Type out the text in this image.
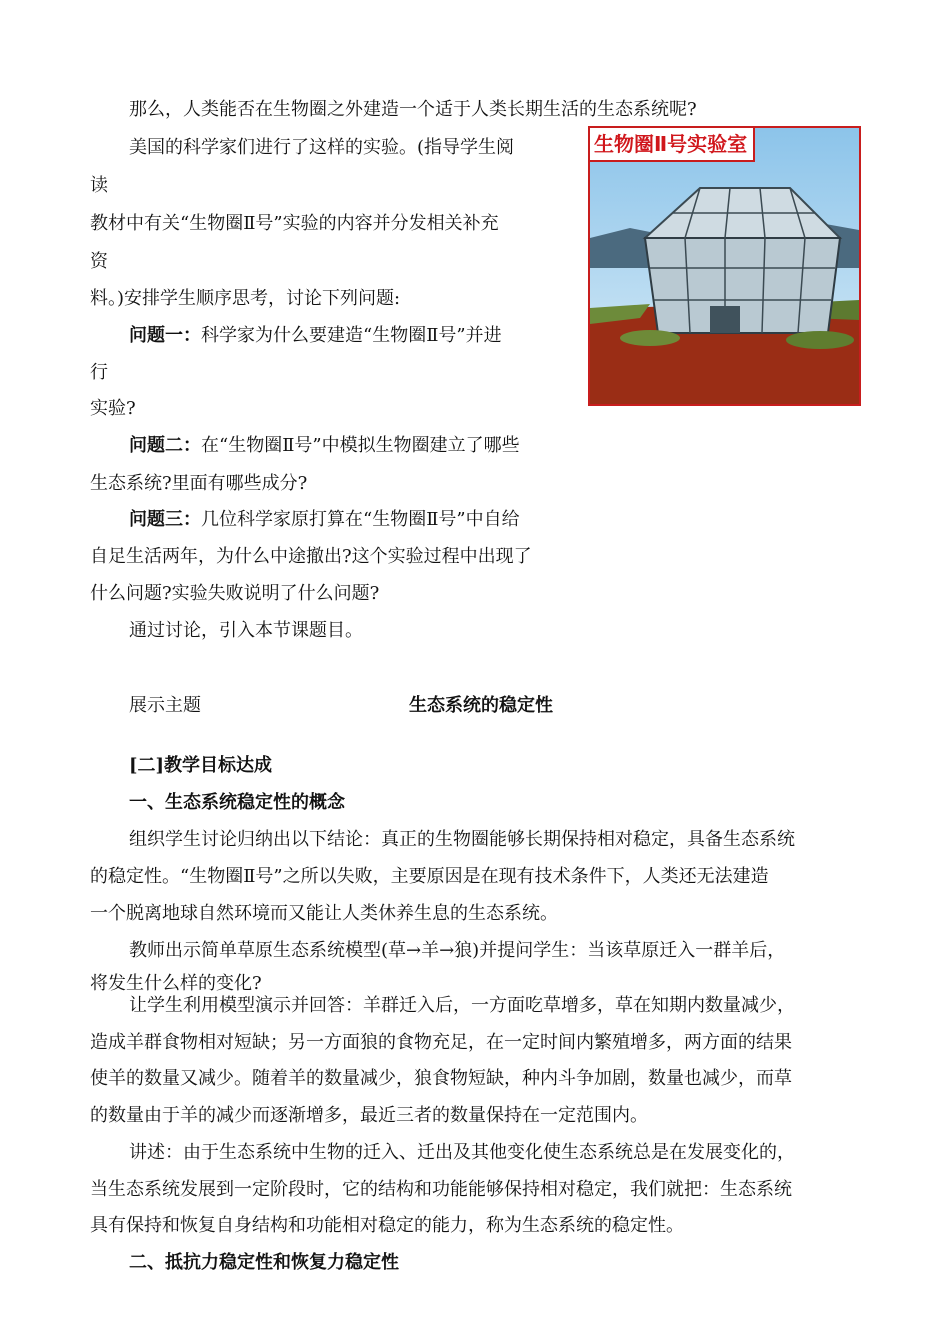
那么，人类能否在生物圈之外建造一个适于人类长期生活的生态系统呢?
美国的科学家们进行了这样的实验。(指导学生阅
读
教材中有关“生物圈Ⅱ号”实验的内容并分发相关补充
资
料。)安排学生顺序思考，讨论下列问题:
问题一：科学家为什么要建造“生物圈Ⅱ号”并进
行
实验?
问题二：在“生物圈Ⅱ号”中模拟生物圈建立了哪些
生态系统?里面有哪些成分?
问题三：几位科学家原打算在“生物圈Ⅱ号”中自给
自足生活两年，为什么中途撤出?这个实验过程中出现了
什么问题?实验失败说明了什么问题?
通过讨论，引入本节课题目。
生物圈Ⅱ号实验室
展示主题	生态系统的稳定性
[二]教学目标达成
一、生态系统稳定性的概念
组织学生讨论归纳出以下结论：真正的生物圈能够长期保持相对稳定，具备生态系统
的稳定性。“生物圈Ⅱ号”之所以失败，主要原因是在现有技术条件下，人类还无法建造
一个脱离地球自然环境而又能让人类休养生息的生态系统。
教师出示简单草原生态系统模型(草→羊→狼)并提问学生：当该草原迁入一群羊后，
将发生什么样的变化?
让学生利用模型演示并回答：羊群迁入后，一方面吃草增多，草在知期内数量减少，
造成羊群食物相对短缺；另一方面狼的食物充足，在一定时间内繁殖增多，两方面的结果
使羊的数量又减少。随着羊的数量减少，狼食物短缺，种内斗争加剧，数量也减少，而草
的数量由于羊的减少而逐渐增多，最近三者的数量保持在一定范围内。
讲述：由于生态系统中生物的迁入、迁出及其他变化使生态系统总是在发展变化的，
当生态系统发展到一定阶段时，它的结构和功能能够保持相对稳定，我们就把：生态系统
具有保持和恢复自身结构和功能相对稳定的能力，称为生态系统的稳定性。
二、抵抗力稳定性和恢复力稳定性
